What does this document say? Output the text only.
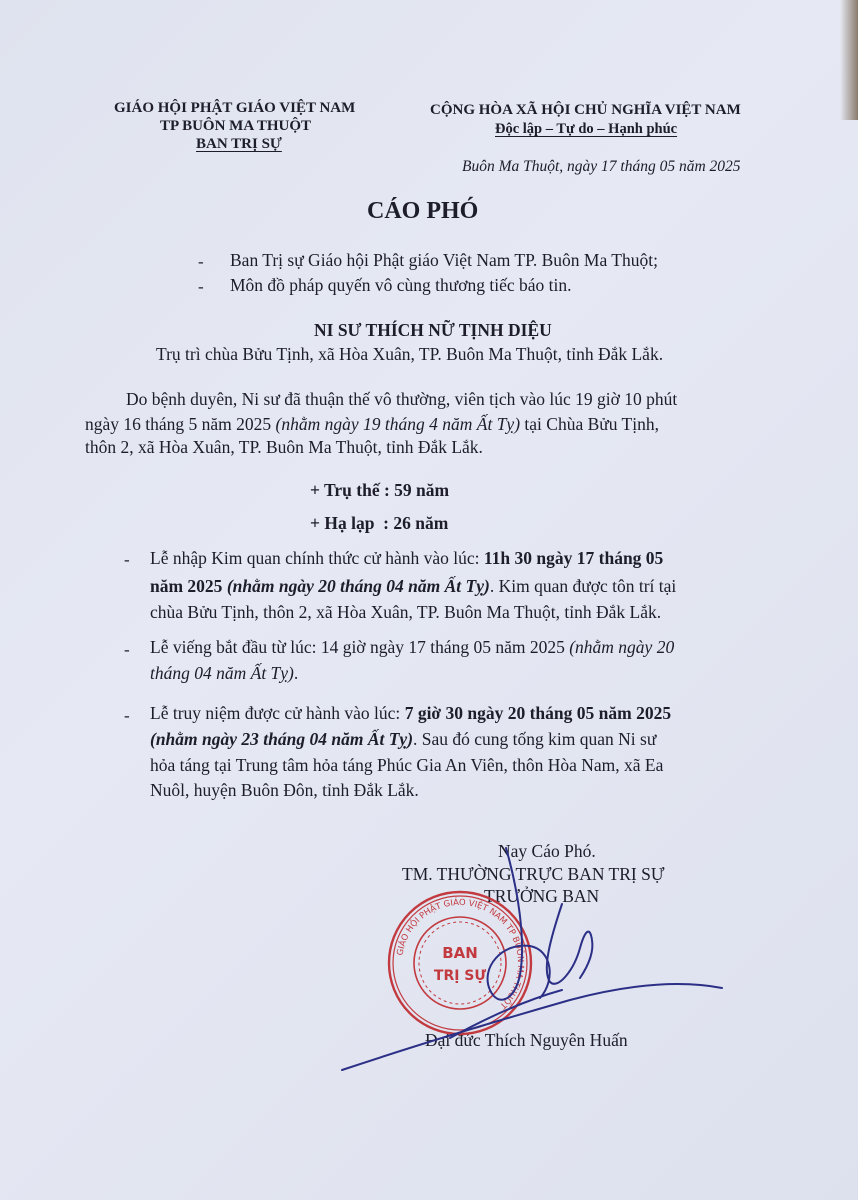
GIÁO HỘI PHẬT GIÁO VIỆT NAM
TP BUÔN MA THUỘT
BAN TRỊ SỰ
CỘNG HÒA XÃ HỘI CHỦ NGHĨA VIỆT NAM
Độc lập – Tự do – Hạnh phúc
Buôn Ma Thuột, ngày 17 tháng 05 năm 2025
CÁO PHÓ
- Ban Trị sự Giáo hội Phật giáo Việt Nam TP. Buôn Ma Thuột;
- Môn đồ pháp quyến vô cùng thương tiếc báo tin.
NI SƯ THÍCH NỮ TỊNH DIỆU
Trụ trì chùa Bửu Tịnh, xã Hòa Xuân, TP. Buôn Ma Thuột, tỉnh Đắk Lắk.
Do bệnh duyên, Ni sư đã thuận thế vô thường, viên tịch vào lúc 19 giờ 10 phút
ngày 16 tháng 5 năm 2025 (nhằm ngày 19 tháng 4 năm Ất Tỵ) tại Chùa Bửu Tịnh,
thôn 2, xã Hòa Xuân, TP. Buôn Ma Thuột, tỉnh Đắk Lắk.
+ Trụ thế : 59 năm
+ Hạ lạp  : 26 năm
- Lễ nhập Kim quan chính thức cử hành vào lúc: 11h 30 ngày 17 tháng 05
năm 2025 (nhằm ngày 20 tháng 04 năm Ất Tỵ). Kim quan được tôn trí tại
chùa Bửu Tịnh, thôn 2, xã Hòa Xuân, TP. Buôn Ma Thuột, tỉnh Đắk Lắk.
- Lễ viếng bắt đầu từ lúc: 14 giờ ngày 17 tháng 05 năm 2025 (nhằm ngày 20
tháng 04 năm Ất Tỵ).
- Lễ truy niệm được cử hành vào lúc: 7 giờ 30 ngày 20 tháng 05 năm 2025
(nhằm ngày 23 tháng 04 năm Ất Tỵ). Sau đó cung tống kim quan Ni sư
hỏa táng tại Trung tâm hỏa táng Phúc Gia An Viên, thôn Hòa Nam, xã Ea
Nuôl, huyện Buôn Đôn, tỉnh Đắk Lắk.
Nay Cáo Phó.
TM. THƯỜNG TRỰC BAN TRỊ SỰ
TRƯỞNG BAN
Đại đức Thích Nguyên Huấn
GIÁO HỘI PHẬT GIÁO VIỆT NAM TP BUÔN MA THUỘT
BAN
TRỊ SỰ
